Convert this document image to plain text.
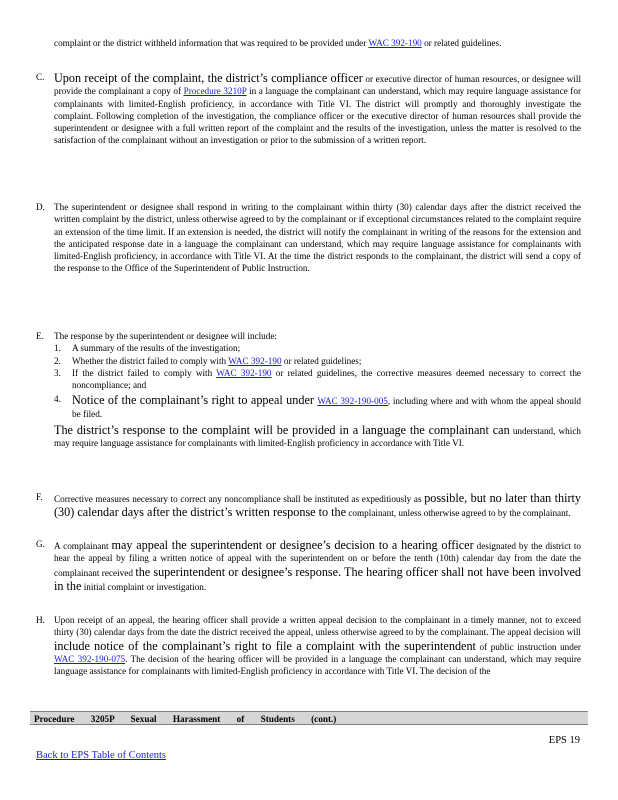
complaint or the district withheld information that was required to be provided under WAC 392-190 or related guidelines.
C. Upon receipt of the complaint, the district’s compliance officer or executive director of human resources, or designee will provide the complainant a copy of Procedure 3210P in a language the complainant can understand, which may require language assistance for complainants with limited-English proficiency, in accordance with Title VI. The district will promptly and thoroughly investigate the complaint. Following completion of the investigation, the compliance officer or the executive director of human resources shall provide the superintendent or designee with a full written report of the complaint and the results of the investigation, unless the matter is resolved to the satisfaction of the complainant without an investigation or prior to the submission of a written report.
D. The superintendent or designee shall respond in writing to the complainant within thirty (30) calendar days after the district received the written complaint by the district, unless otherwise agreed to by the complainant or if exceptional circumstances related to the complaint require an extension of the time limit. If an extension is needed, the district will notify the complainant in writing of the reasons for the extension and the anticipated response date in a language the complainant can understand, which may require language assistance for complainants with limited-English proficiency, in accordance with Title VI. At the time the district responds to the complainant, the district will send a copy of the response to the Office of the Superintendent of Public Instruction.
E. The response by the superintendent or designee will include:
1. A summary of the results of the investigation;
2. Whether the district failed to comply with WAC 392-190 or related guidelines;
3. If the district failed to comply with WAC 392-190 or related guidelines, the corrective measures deemed necessary to correct the noncompliance; and
4. Notice of the complainant’s right to appeal under WAC 392-190-005, including where and with whom the appeal should be filed.
The district’s response to the complaint will be provided in a language the complainant can understand, which may require language assistance for complainants with limited-English proficiency in accordance with Title VI.
F. Corrective measures necessary to correct any noncompliance shall be instituted as expeditiously as possible, but no later than thirty (30) calendar days after the district’s written response to the complainant, unless otherwise agreed to by the complainant.
G. A complainant may appeal the superintendent or designee’s decision to a hearing officer designated by the district to hear the appeal by filing a written notice of appeal with the superintendent on or before the tenth (10th) calendar day from the date the complainant received the superintendent or designee’s response. The hearing officer shall not have been involved in the initial complaint or investigation.
H. Upon receipt of an appeal, the hearing officer shall provide a written appeal decision to the complainant in a timely manner, not to exceed thirty (30) calendar days from the date the district received the appeal, unless otherwise agreed to by the complainant. The appeal decision will include notice of the complainant’s right to file a complaint with the superintendent of public instruction under WAC 392-190-075. The decision of the hearing officer will be provided in a language the complainant can understand, which may require language assistance for complainants with limited-English proficiency in accordance with Title VI. The decision of the
Procedure 3205P Sexual Harassment of Students (cont.)
EPS 19
Back to EPS Table of Contents
